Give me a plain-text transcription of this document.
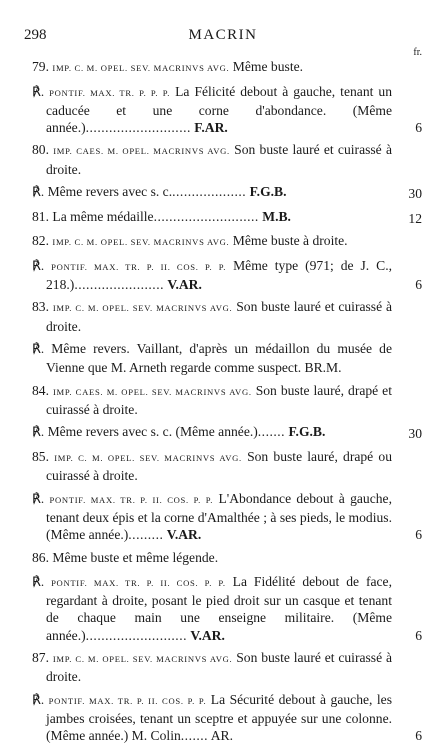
298	MACRIN
fr.
79. IMP. C. M. OPEL. SEV. MACRINVS AVG. Même buste.
℟. PONTIF. MAX. TR. P. P. P. La Félicité debout à gauche, tenant un caducée et une corne d'abondance. (Même année.)........................... F.AR.	6
80. IMP. CAES. M. OPEL. MACRINVS AVG. Son buste lauré et cuirassé à droite.
℟. Même revers avec s. c.................... F.G.B.	30
81. La même médaille........................... M.B.	12
82. IMP. C. M. OPEL. SEV. MACRINVS AVG. Même buste à droite.
℟. PONTIF. MAX. TR. P. II. COS. P. P. Même type (971; de J. C., 218.)....................... V.AR.	6
83. IMP. C. M. OPEL. SEV. MACRINVS AVG. Son buste lauré et cuirassé à droite.
℟. Même revers. Vaillant, d'après un médaillon du musée de Vienne que M. Arneth regarde comme suspect. BR.M.
84. IMP. CAES. M. OPEL. SEV. MACRINVS AVG. Son buste lauré, drapé et cuirassé à droite.
℟. Même revers avec s. c. (Même année.)....... F.G.B.	30
85. IMP. C. M. OPEL. SEV. MACRINVS AVG. Son buste lauré, drapé ou cuirassé à droite.
℟. PONTIF. MAX. TR. P. II. COS. P. P. L'Abondance debout à gauche, tenant deux épis et la corne d'Amalthée ; à ses pieds, le modius. (Même année.)......... V.AR.	6
86. Même buste et même légende.
℟. PONTIF. MAX. TR. P. II. COS. P. P. La Fidélité debout de face, regardant à droite, posant le pied droit sur un casque et tenant de chaque main une enseigne militaire. (Même année.).......................... V.AR.	6
87. IMP. C. M. OPEL. SEV. MACRINVS AVG. Son buste lauré et cuirassé à droite.
℟. PONTIF. MAX. TR. P. II. COS. P. P. La Sécurité debout à gauche, les jambes croisées, tenant un sceptre et appuyée sur une colonne. (Même année.) M. Colin....... AR.	6
